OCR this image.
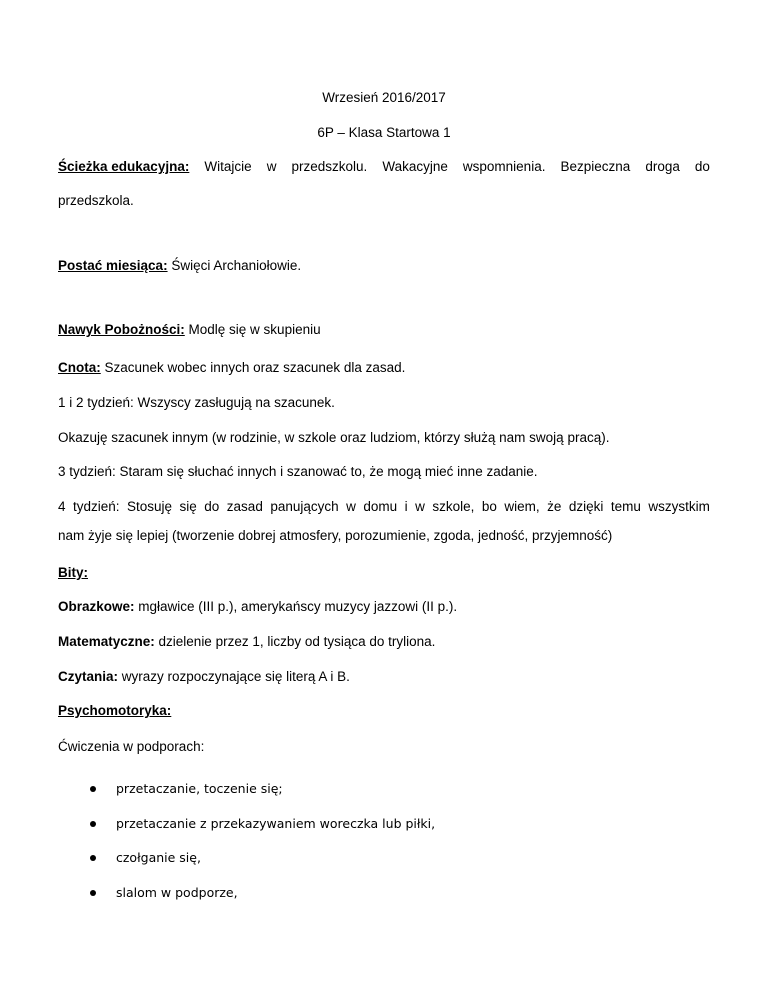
Wrzesień 2016/2017
6P – Klasa Startowa 1
Ścieżka edukacyjna: Witajcie w przedszkolu. Wakacyjne wspomnienia. Bezpieczna droga do
przedszkola.
Postać miesiąca: Święci Archaniołowie.
Nawyk Pobożności: Modlę się w skupieniu
Cnota: Szacunek wobec innych oraz szacunek dla zasad.
1 i 2 tydzień: Wszyscy zasługują na szacunek.
Okazuję szacunek innym (w rodzinie, w szkole oraz ludziom, którzy służą nam swoją pracą).
3 tydzień: Staram się słuchać innych i szanować to, że mogą mieć inne zadanie.
4 tydzień: Stosuję się do zasad panujących w domu i w szkole, bo wiem, że dzięki temu wszystkim
nam żyje się lepiej (tworzenie dobrej atmosfery, porozumienie, zgoda, jedność, przyjemność)
Bity:
Obrazkowe: mgławice (III p.), amerykańscy muzycy jazzowi (II p.).
Matematyczne: dzielenie przez 1, liczby od tysiąca do tryliona.
Czytania: wyrazy rozpoczynające się literą A i B.
Psychomotoryka:
Ćwiczenia w podporach:
przetaczanie, toczenie się;
przetaczanie z przekazywaniem woreczka lub piłki,
czołganie się,
slalom w podporze,
